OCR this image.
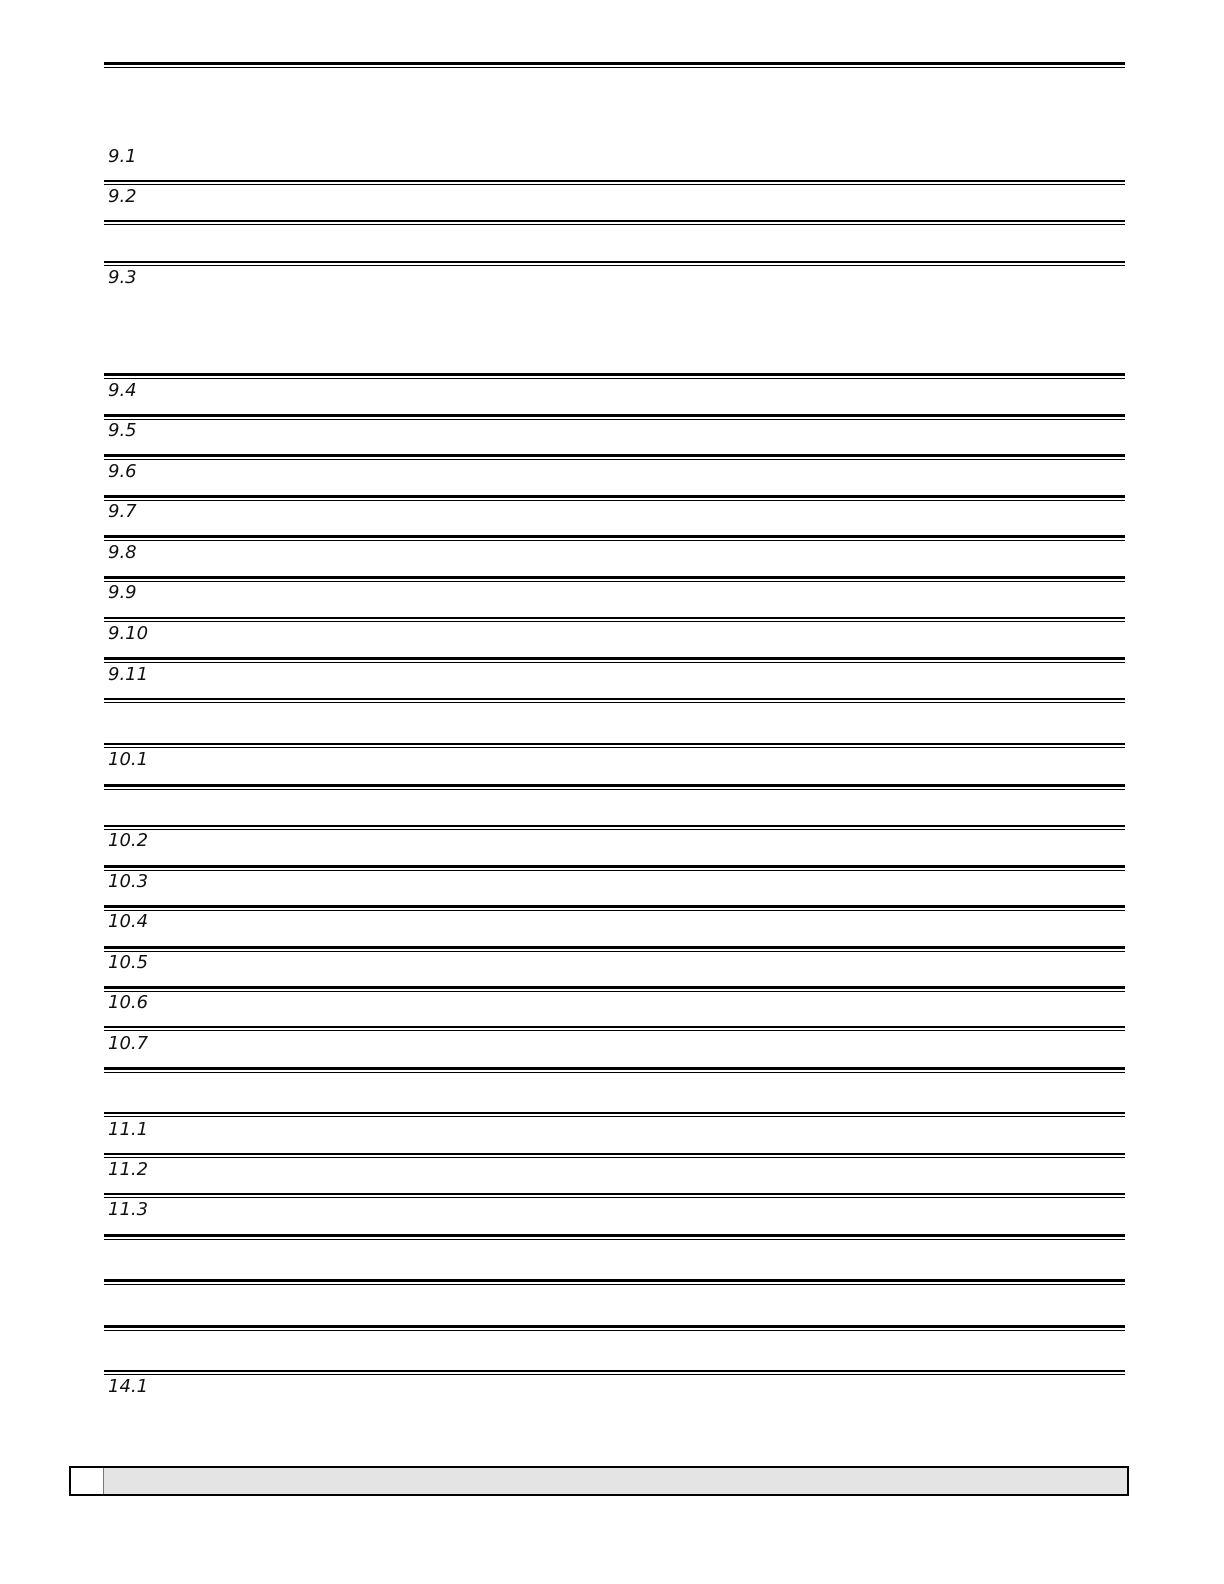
9.1
9.2
9.3
9.4
9.5
9.6
9.7
9.8
9.9
9.10
9.11
10.1
10.2
10.3
10.4
10.5
10.6
10.7
11.1
11.2
11.3
14.1
